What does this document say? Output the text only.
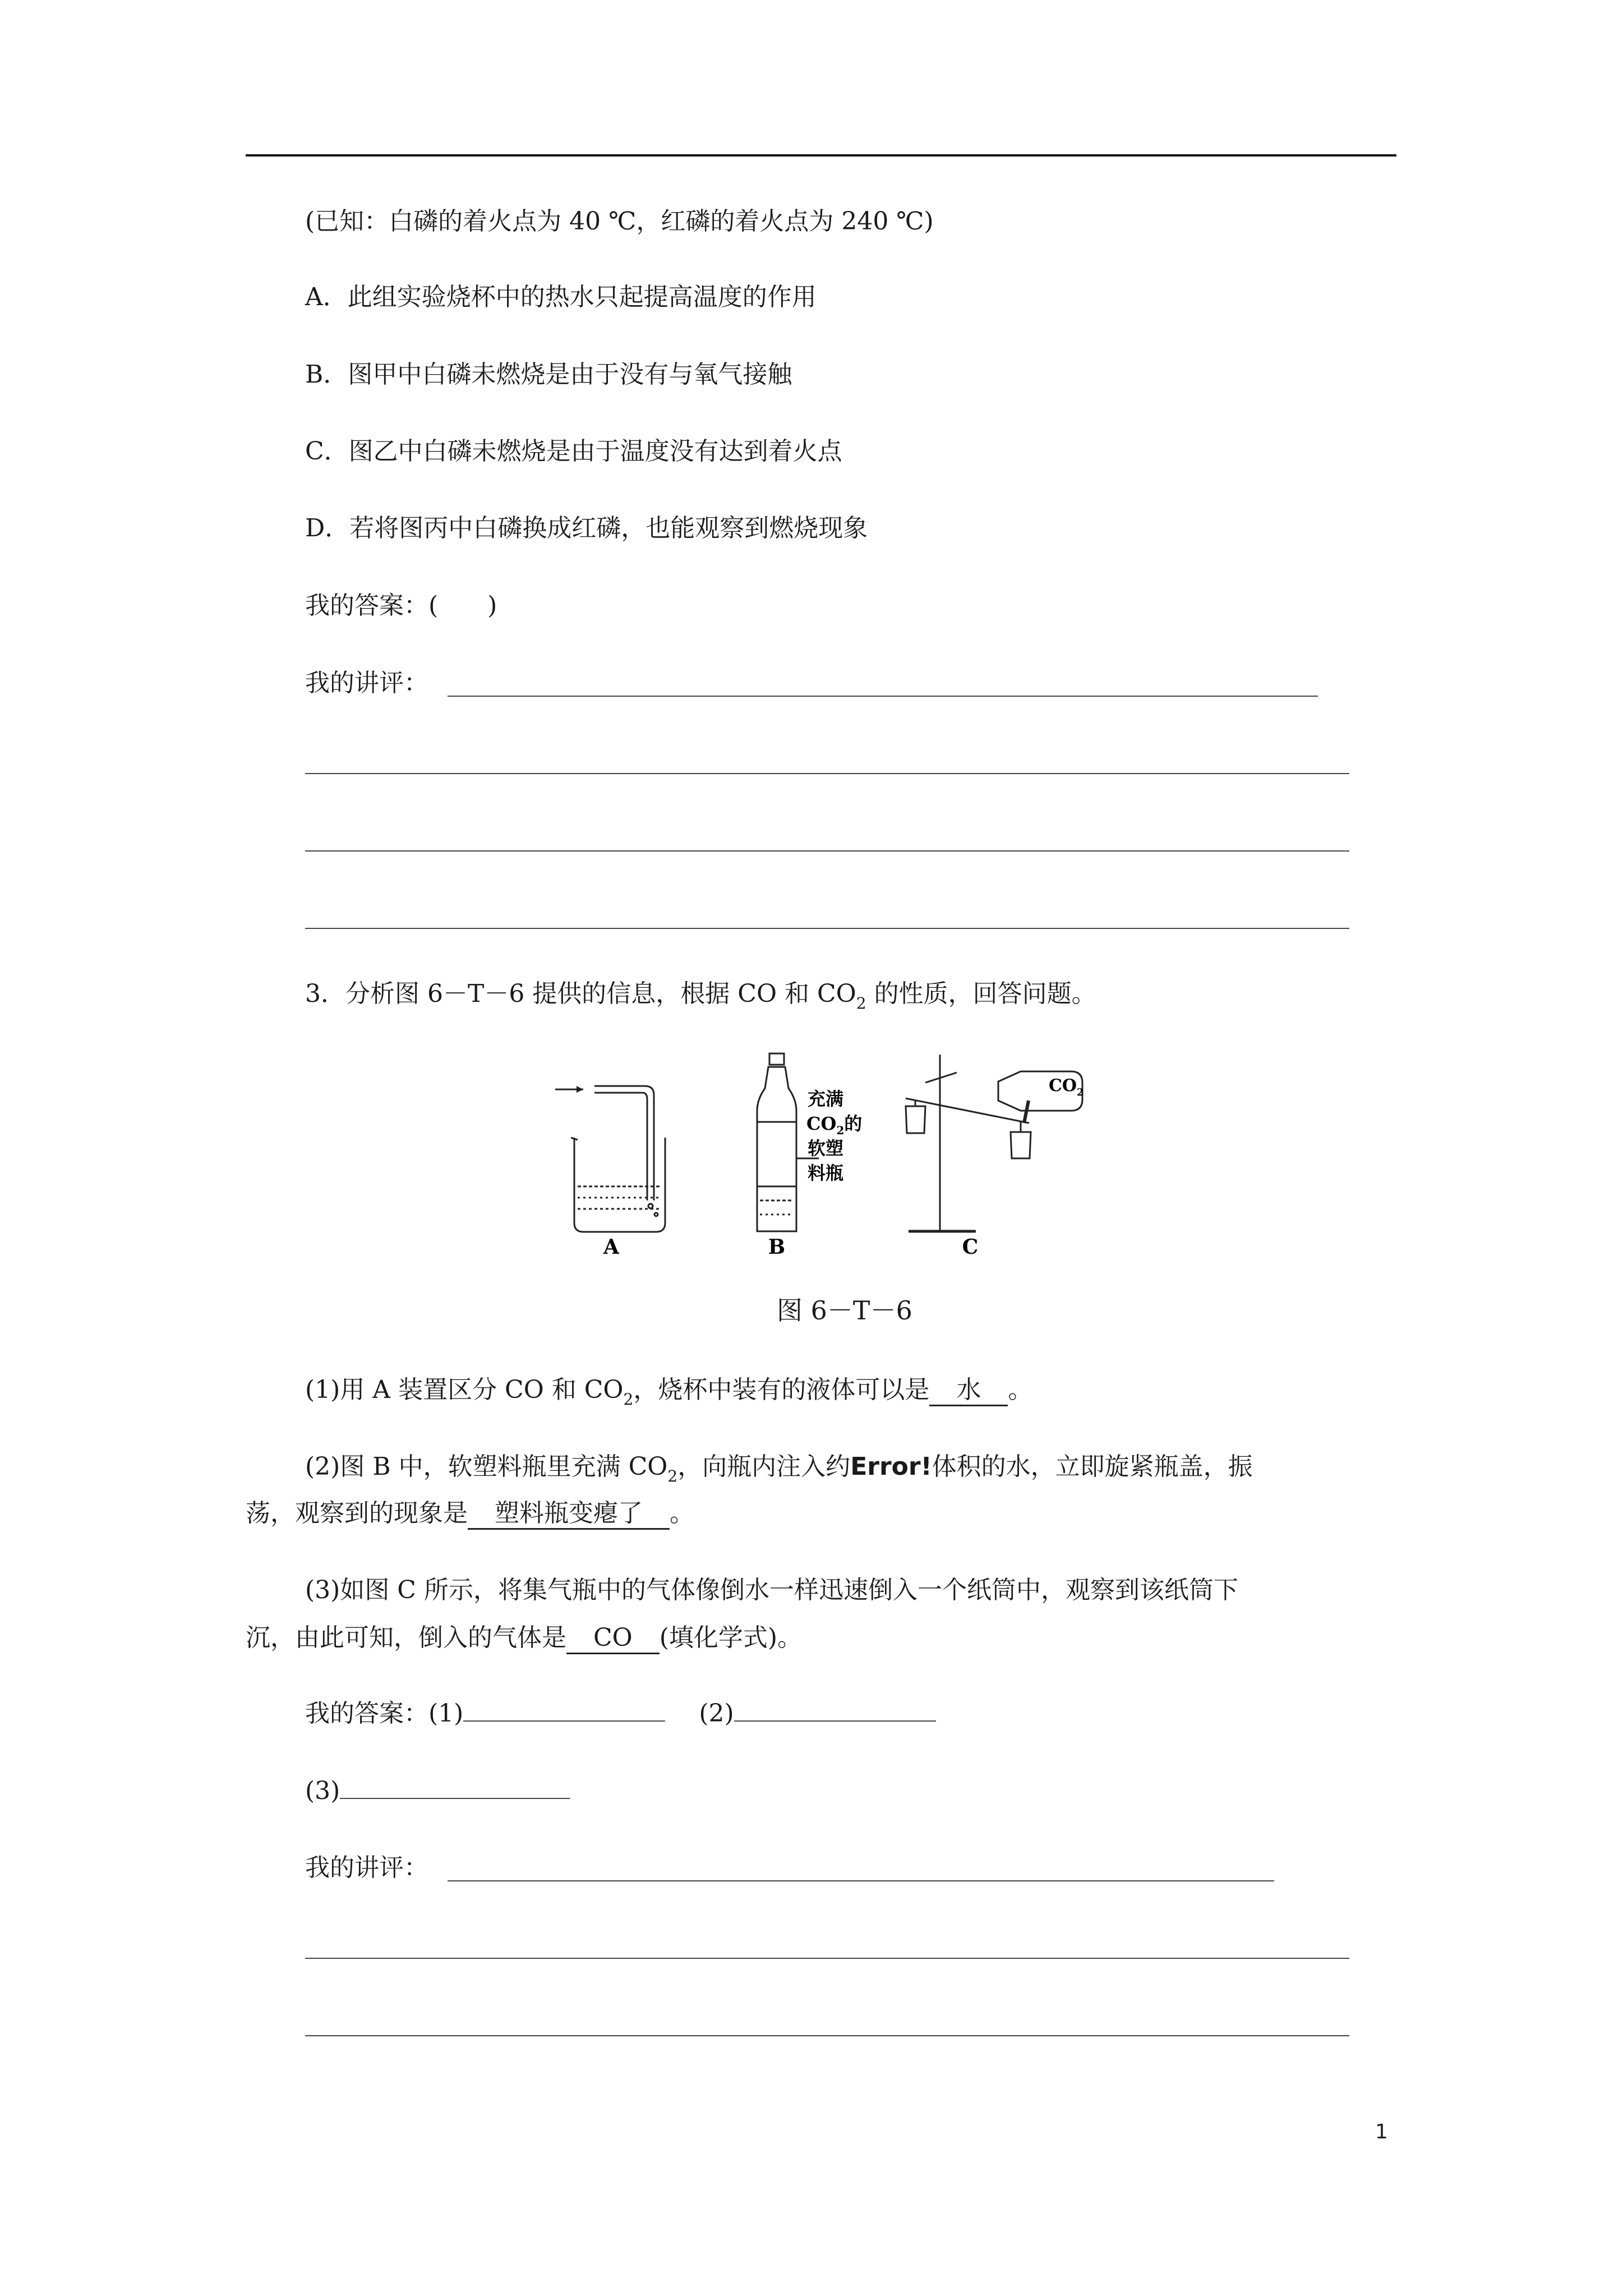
(已知：白磷的着火点为 40 ℃，红磷的着火点为 240 ℃)
A．此组实验烧杯中的热水只起提高温度的作用
B．图甲中白磷未燃烧是由于没有与氧气接触
C．图乙中白磷未燃烧是由于温度没有达到着火点
D．若将图丙中白磷换成红磷，也能观察到燃烧现象
我的答案：(　　)
我的讲评：
3．分析图 6－T－6 提供的信息，根据 CO 和 $CO_2$ 的性质，回答问题。
A	B
充满
$CO_2$的
软塑
料瓶
$CO_2$
C
图 6－T－6
(1)用 A 装置区分 CO 和 $CO_2$，烧杯中装有的液体可以是 水 。
(2)图 B 中，软塑料瓶里充满 $CO_2$，向瓶内注入约Error!体积的水，立即旋紧瓶盖，振
荡，观察到的现象是 塑料瓶变瘪了 。
(3)如图 C 所示，将集气瓶中的气体像倒水一样迅速倒入一个纸筒中，观察到该纸筒下
沉，由此可知，倒入的气体是 CO (填化学式)。
我的答案：(1)	(2)
(3)
我的讲评：
1
